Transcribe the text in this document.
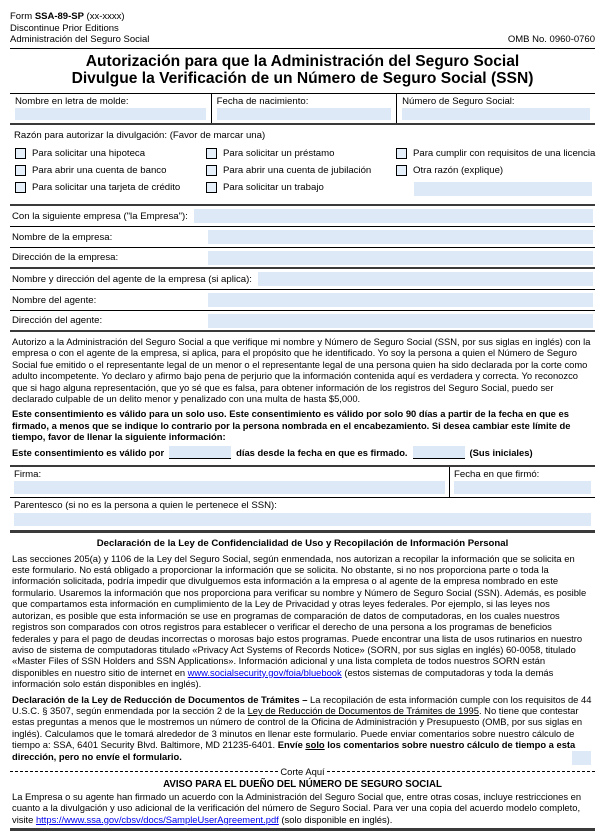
Form SSA-89-SP (xx-xxxx)
Discontinue Prior Editions
Administración del Seguro Social	OMB No. 0960-0760
Autorización para que la Administración del Seguro Social
Divulgue la Verificación de un Número de Seguro Social (SSN)
Nombre en letra de molde:	Fecha de nacimiento:	Número de Seguro Social:
Razón para autorizar la divulgación: (Favor de marcar una)
Para solicitar una hipoteca
Para abrir una cuenta de banco
Para solicitar una tarjeta de crédito
Para solicitar un préstamo
Para abrir una cuenta de jubilación
Para solicitar un trabajo
Para cumplir con requisitos de una licencia
Otra razón (explique)
Con la siguiente empresa ("la Empresa"):
Nombre de la empresa:
Dirección de la empresa:
Nombre y dirección del agente de la empresa (si aplica):
Nombre del agente:
Dirección del agente:
Autorizo a la Administración del Seguro Social a que verifique mi nombre y Número de Seguro Social (SSN, por sus siglas en inglés) con la empresa o con el agente de la empresa, si aplica, para el propósito que he identificado. Yo soy la persona a quien el Número de Seguro Social fue emitido o el representante legal de un menor o el representante legal de una persona quien ha sido declarada por la corte como adulto incompetente. Yo declaro y afirmo bajo pena de perjurio que la información contenida aquí es verdadera y correcta. Yo reconozco que si hago alguna representación, que yo sé que es falsa, para obtener información de los registros del Seguro Social, puedo ser declarado culpable de un delito menor y penalizado con una multa de hasta $5,000.
Este consentimiento es válido para un solo uso. Este consentimiento es válido por solo 90 días a partir de la fecha en que es firmado, a menos que se indique lo contrario por la persona nombrada en el encabezamiento. Si desea cambiar este límite de tiempo, favor de llenar la siguiente información:
Este consentimiento es válido por	días desde la fecha en que es firmado.	(Sus iniciales)
Firma:	Fecha en que firmó:
Parentesco (si no es la persona a quien le pertenece el SSN):
Declaración de la Ley de Confidencialidad de Uso y Recopilación de Información Personal
Las secciones 205(a) y 1106 de la Ley del Seguro Social, según enmendada, nos autorizan a recopilar la información que se solicita en este formulario. No está obligado a proporcionar la información que se solicita. No obstante, si no nos proporciona parte o toda la información solicitada, podría impedir que divulguemos esta información a la empresa o al agente de la empresa nombrado en este formulario. Usaremos la información que nos proporciona para verificar su nombre y Número de Seguro Social (SSN). Además, es posible que compartamos esta información en cumplimiento de la Ley de Privacidad y otras leyes federales. Por ejemplo, si las leyes nos autorizan, es posible que esta información se use en programas de comparación de datos de computadoras, en los cuales nuestros registros son comparados con otros registros para establecer o verificar el derecho de una persona a los programas de beneficios federales y para el pago de deudas incorrectas o morosas bajo estos programas. Puede encontrar una lista de usos rutinarios en nuestro aviso de sistema de computadoras titulado «Privacy Act Systems of Records Notice» (SORN, por sus siglas en inglés) 60-0058, titulado «Master Files of SSN Holders and SSN Applications». Información adicional y una lista completa de todos nuestros SORN están disponibles en nuestro sitio de internet en www.socialsecurity.gov/foia/bluebook (estos sistemas de computadoras y toda la demás información solo están disponibles en inglés).
Declaración de la Ley de Reducción de Documentos de Trámites – La recopilación de esta información cumple con los requisitos de 44 U.S.C. § 3507, según enmendada por la sección 2 de la Ley de Reducción de Documentos de Trámites de 1995. No tiene que contestar estas preguntas a menos que le mostremos un número de control de la Oficina de Administración y Presupuesto (OMB, por sus siglas en inglés). Calculamos que le tomará alrededor de 3 minutos en llenar este formulario. Puede enviar comentarios sobre nuestro cálculo de tiempo a: SSA, 6401 Security Blvd. Baltimore, MD 21235-6401. Envíe solo los comentarios sobre nuestro cálculo de tiempo a esta dirección, pero no envíe el formulario.
Corte Aquí
AVISO PARA EL DUEÑO DEL NÚMERO DE SEGURO SOCIAL
La Empresa o su agente han firmado un acuerdo con la Administración del Seguro Social que, entre otras cosas, incluye restricciones en cuanto a la divulgación y uso adicional de la verificación del número de Seguro Social. Para ver una copia del acuerdo modelo completo, visite https://www.ssa.gov/cbsv/docs/SampleUserAgreement.pdf (solo disponible en inglés).
